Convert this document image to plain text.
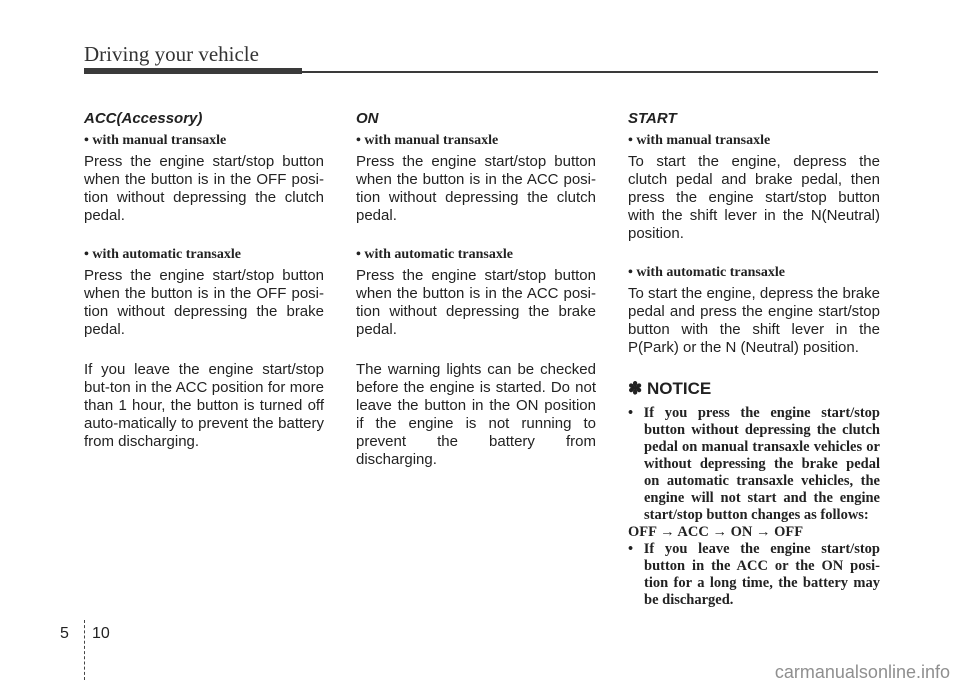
Driving your vehicle

ACC(Accessory)

• with manual transaxle

Press the engine start/stop button when the button is in the OFF posi-tion without depressing the clutch pedal.

• with automatic transaxle

Press the engine start/stop button when the button is in the OFF posi-tion without depressing the brake pedal.

If you leave the engine start/stop but-ton in the ACC position for more than 1 hour, the button is turned off auto-matically to prevent the battery from discharging.

ON

• with manual transaxle

Press the engine start/stop button when the button is in the ACC posi-tion without depressing the clutch pedal.

• with automatic transaxle

Press the engine start/stop button when the button is in the ACC posi-tion without depressing the brake pedal.

The warning lights can be checked before the engine is started. Do not leave the button in the ON position if the engine is not running to prevent the battery from discharging.

START

• with manual transaxle

To start the engine, depress the clutch pedal and brake pedal, then press the engine start/stop button with the shift lever in the N(Neutral) position.

• with automatic transaxle

To start the engine, depress the brake pedal and press the engine start/stop button with the shift lever in the P(Park) or the N (Neutral) position.

✽ NOTICE

• If you press the engine start/stop button without depressing the clutch pedal on manual transaxle vehicles or without depressing the brake pedal on automatic transaxle vehicles, the engine will not start and the engine start/stop button changes as follows:
OFF → ACC → ON → OFF
• If you leave the engine start/stop button in the ACC or the ON posi-tion for a long time, the battery may be discharged.
5 10
carmanualsonline.info
